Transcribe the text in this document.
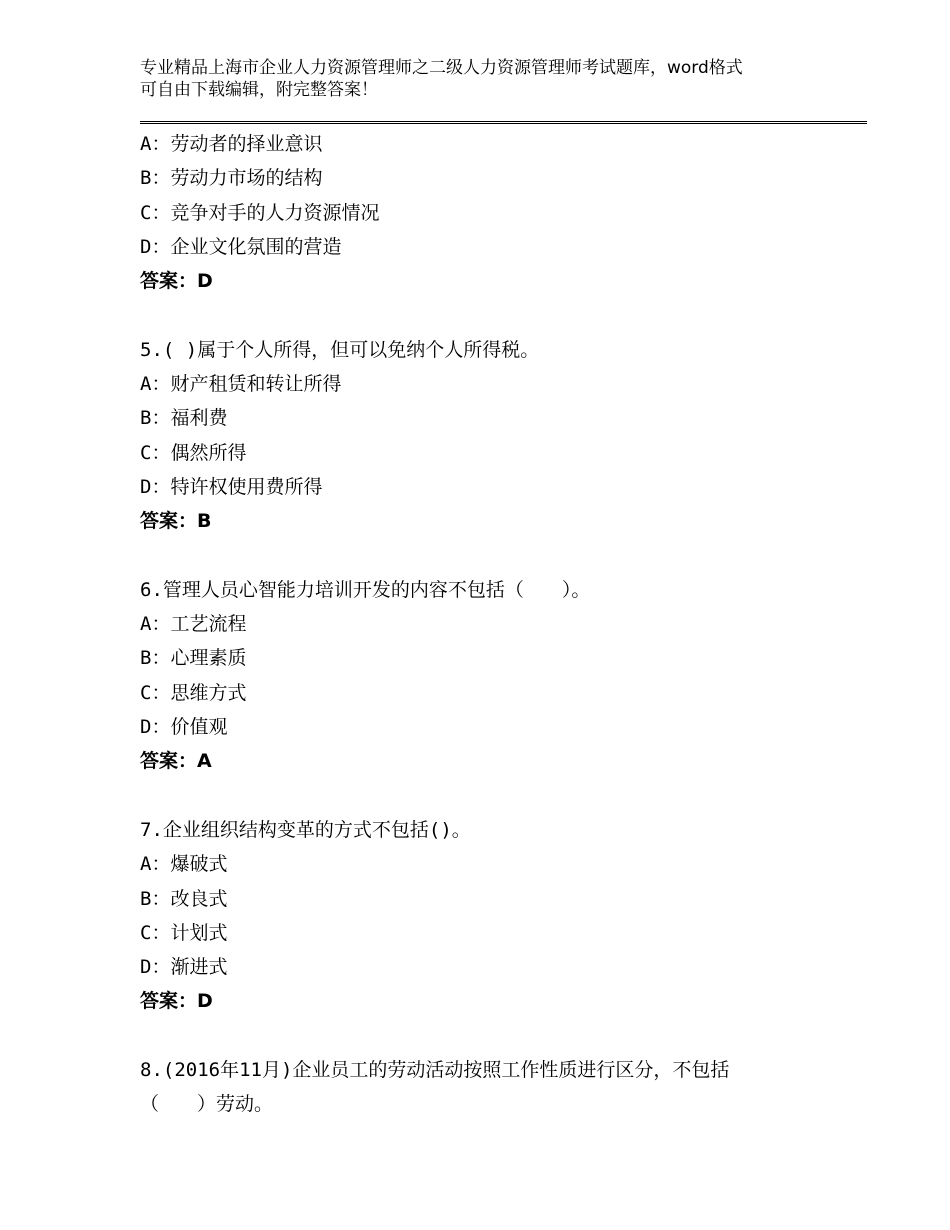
专业精品上海市企业人力资源管理师之二级人力资源管理师考试题库，word格式
可自由下载编辑，附完整答案！
A：劳动者的择业意识
B：劳动力市场的结构
C：竞争对手的人力资源情况
D：企业文化氛围的营造
答案：D
5.( )属于个人所得，但可以免纳个人所得税。
A：财产租赁和转让所得
B：福利费
C：偶然所得
D：特许权使用费所得
答案：B
6.管理人员心智能力培训开发的内容不包括（　　）。
A：工艺流程
B：心理素质
C：思维方式
D：价值观
答案：A
7.企业组织结构变革的方式不包括()。
A：爆破式
B：改良式
C：计划式
D：渐进式
答案：D
8.(2016年11月)企业员工的劳动活动按照工作性质进行区分，不包括
（　　）劳动。
